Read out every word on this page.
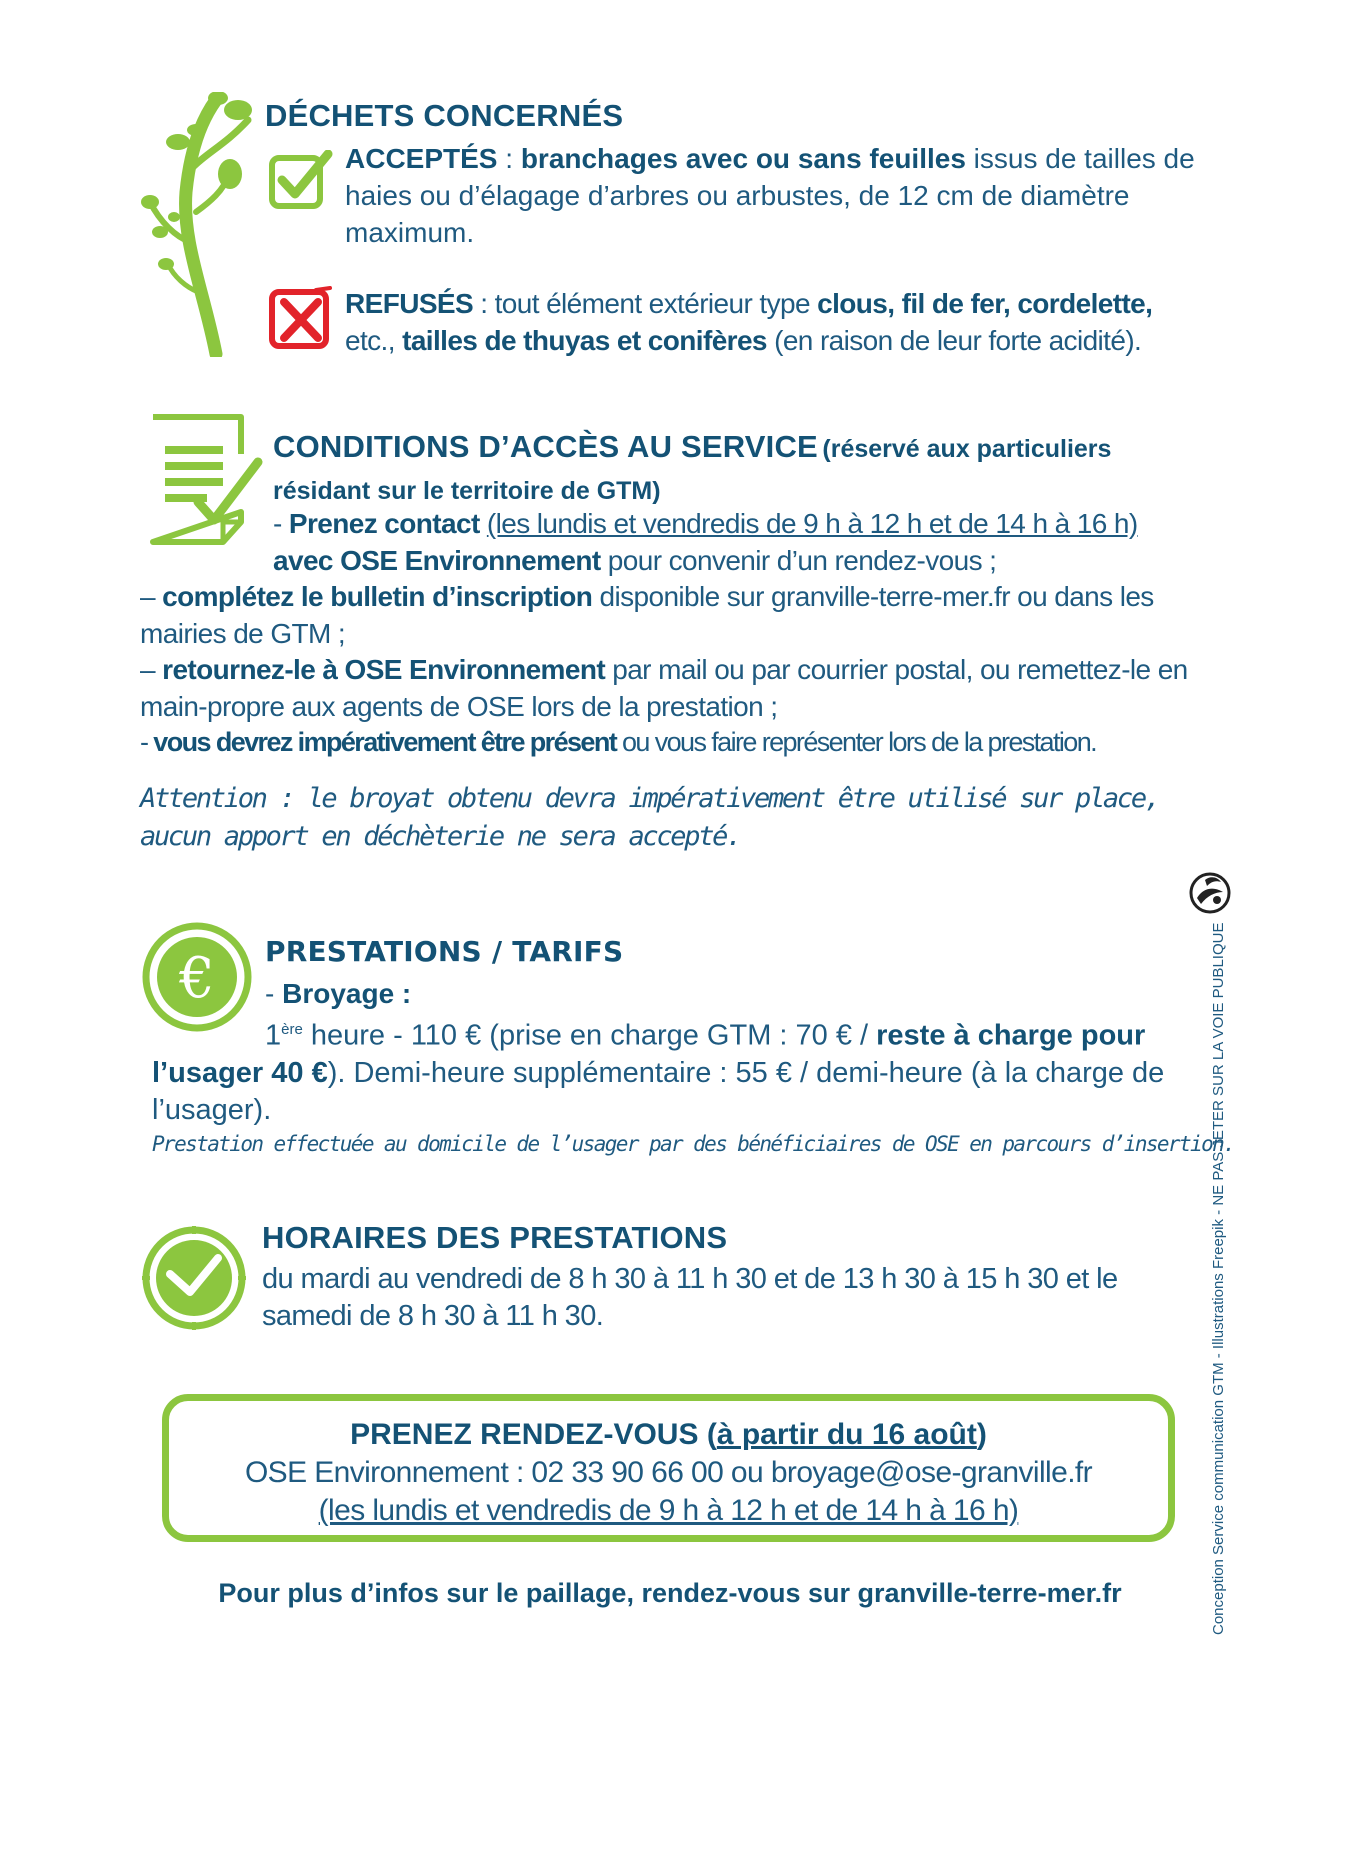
DÉCHETS CONCERNÉS
ACCEPTÉS : branchages avec ou sans feuilles issus de tailles de haies ou d’élagage d’arbres ou arbustes, de 12 cm de diamètre maximum.
REFUSÉS : tout élément extérieur type clous, fil de fer, cordelette, etc., tailles de thuyas et conifères (en raison de leur forte acidité).
CONDITIONS D’ACCÈS AU SERVICE (réservé aux particuliers résidant sur le territoire de GTM)
- Prenez contact (les lundis et vendredis de 9 h à 12 h et de 14 h à 16 h)
avec OSE Environnement pour convenir d’un rendez-vous ;
– complétez le bulletin d’inscription disponible sur granville-terre-mer.fr ou dans les mairies de GTM ;
– retournez-le à OSE Environnement par mail ou par courrier postal, ou remettez-le en main-propre aux agents de OSE lors de la prestation ;
- vous devrez impérativement être présent ou vous faire représenter lors de la prestation.
Attention : le broyat obtenu devra impérativement être utilisé sur place, aucun apport en déchèterie ne sera accepté.
€ PRESTATIONS / TARIFS
- Broyage :
1ère heure - 110 € (prise en charge GTM : 70 € / reste à charge pour l’usager 40 €). Demi-heure supplémentaire : 55 € / demi-heure (à la charge de l’usager).
Prestation effectuée au domicile de l’usager par des bénéficiaires de OSE en parcours d’insertion.
HORAIRES DES PRESTATIONS
du mardi au vendredi de 8 h 30 à 11 h 30 et de 13 h 30 à 15 h 30 et le samedi de 8 h 30 à 11 h 30.
PRENEZ RENDEZ-VOUS (à partir du 16 août)
OSE Environnement : 02 33 90 66 00 ou broyage@ose-granville.fr
(les lundis et vendredis de 9 h à 12 h et de 14 h à 16 h)
Pour plus d’infos sur le paillage, rendez-vous sur granville-terre-mer.fr	Conception Service communication GTM - Illustrations Freepik - NE PAS JETER SUR LA VOIE PUBLIQUE
